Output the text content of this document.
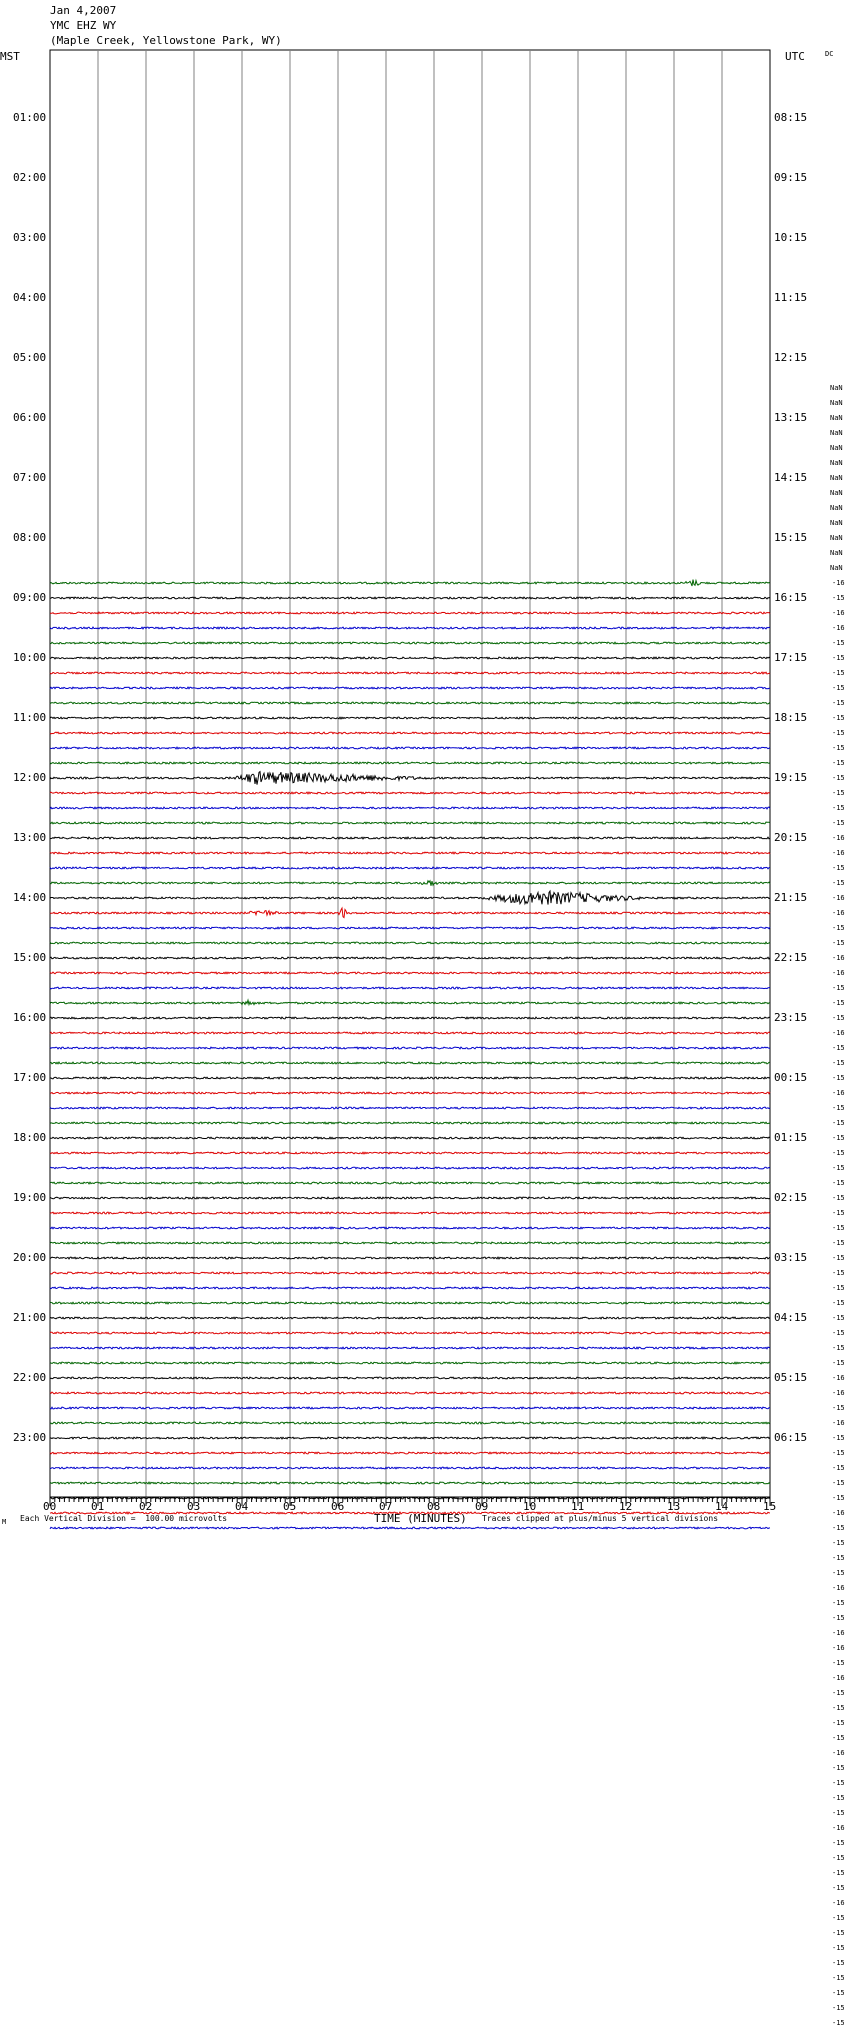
Jan 4,2007
YMC EHZ WY
(Maple Creek, Yellowstone Park, WY)
MST	UTC	DC
00	01	02	03	04	05	06	07	08	09	10	11	12	13	14	15
01:00
02:00
03:00
04:00
05:00
06:00
07:00
08:00
09:00
10:00
11:00
12:00
13:00
14:00
15:00
16:00
17:00
18:00
19:00
20:00
21:00
22:00
23:00
08:15
09:15
10:15
11:15
12:15
13:15
14:15
15:15
16:15
17:15
18:15
19:15
20:15
21:15
22:15
23:15
00:15
01:15
02:15
03:15
04:15
05:15
06:15
NaN
NaN
NaN
NaN
NaN
NaN
NaN
NaN
NaN
NaN
NaN
NaN
NaN
-16
-15
-16
-16
-15
-15
-15
-15
-15
-15
-15
-15
-15
-15
-15
-15
-15
-16
-16
-15
-15
-16
-16
-15
-15
-16
-16
-15
-15
-15
-16
-15
-15
-15
-16
-15
-15
-15
-15
-15
-15
-15
-15
-15
-15
-15
-15
-15
-15
-15
-15
-15
-15
-16
-16
-15
-16
-15
-15
-15
-15
-15
-16
-15
-15
-15
-15
-16
-15
-15
-16
-16
-15
-16
-15
-15
-15
-15
-16
-15
-15
-15
-15
-16
-15
-15
-15
-15
-16
-15
-15
-15
-15
-15
-15
-15
-15
M Each Vertical Division =  100.00 microvolts	TIME (MINUTES) Traces clipped at plus/minus 5 vertical divisions
